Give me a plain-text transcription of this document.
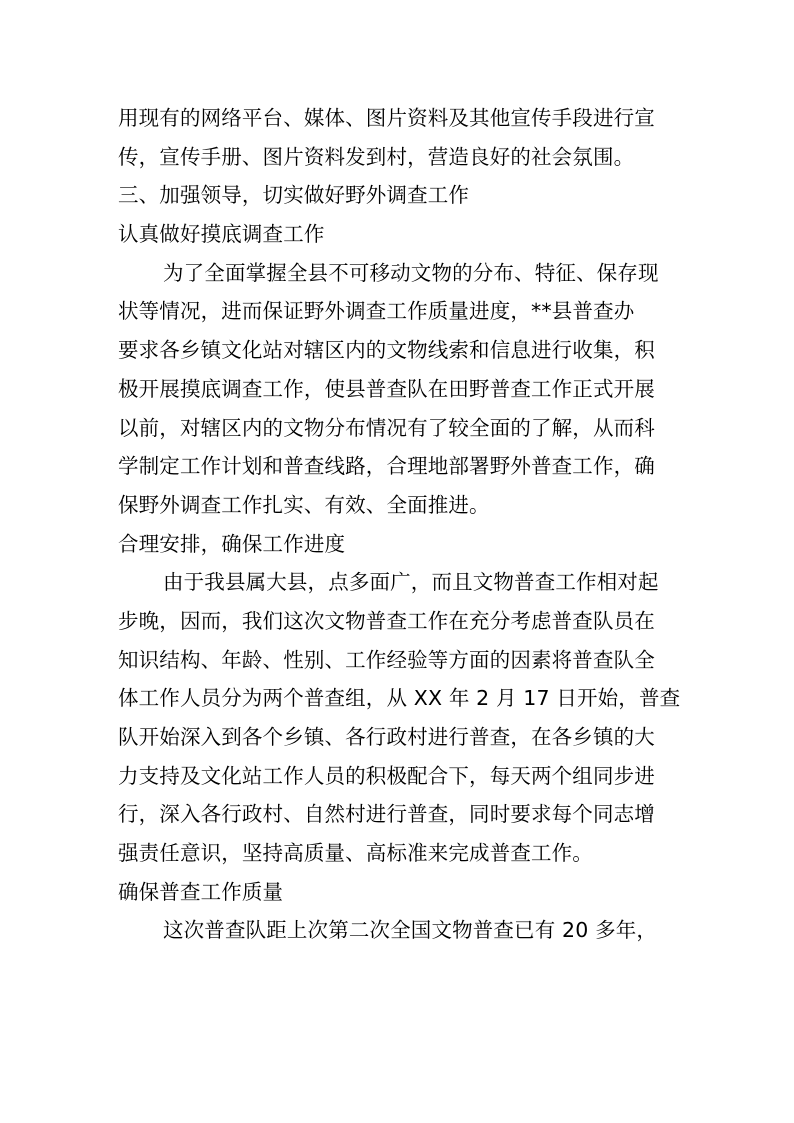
用现有的网络平台、媒体、图片资料及其他宣传手段进行宣
传，宣传手册、图片资料发到村，营造良好的社会氛围。
三、加强领导，切实做好野外调查工作
认真做好摸底调查工作
为了全面掌握全县不可移动文物的分布、特征、保存现
状等情况，进而保证野外调查工作质量进度，**县普查办
要求各乡镇文化站对辖区内的文物线索和信息进行收集，积
极开展摸底调查工作，使县普查队在田野普查工作正式开展
以前，对辖区内的文物分布情况有了较全面的了解，从而科
学制定工作计划和普查线路，合理地部署野外普查工作，确
保野外调查工作扎实、有效、全面推进。
合理安排，确保工作进度
由于我县属大县，点多面广，而且文物普查工作相对起
步晚，因而，我们这次文物普查工作在充分考虑普查队员在
知识结构、年龄、性别、工作经验等方面的因素将普查队全
体工作人员分为两个普查组，从 XX 年 2 月 17 日开始，普查
队开始深入到各个乡镇、各行政村进行普查，在各乡镇的大
力支持及文化站工作人员的积极配合下，每天两个组同步进
行，深入各行政村、自然村进行普查，同时要求每个同志增
强责任意识，坚持高质量、高标准来完成普查工作。
确保普查工作质量
这次普查队距上次第二次全国文物普查已有 20 多年，
